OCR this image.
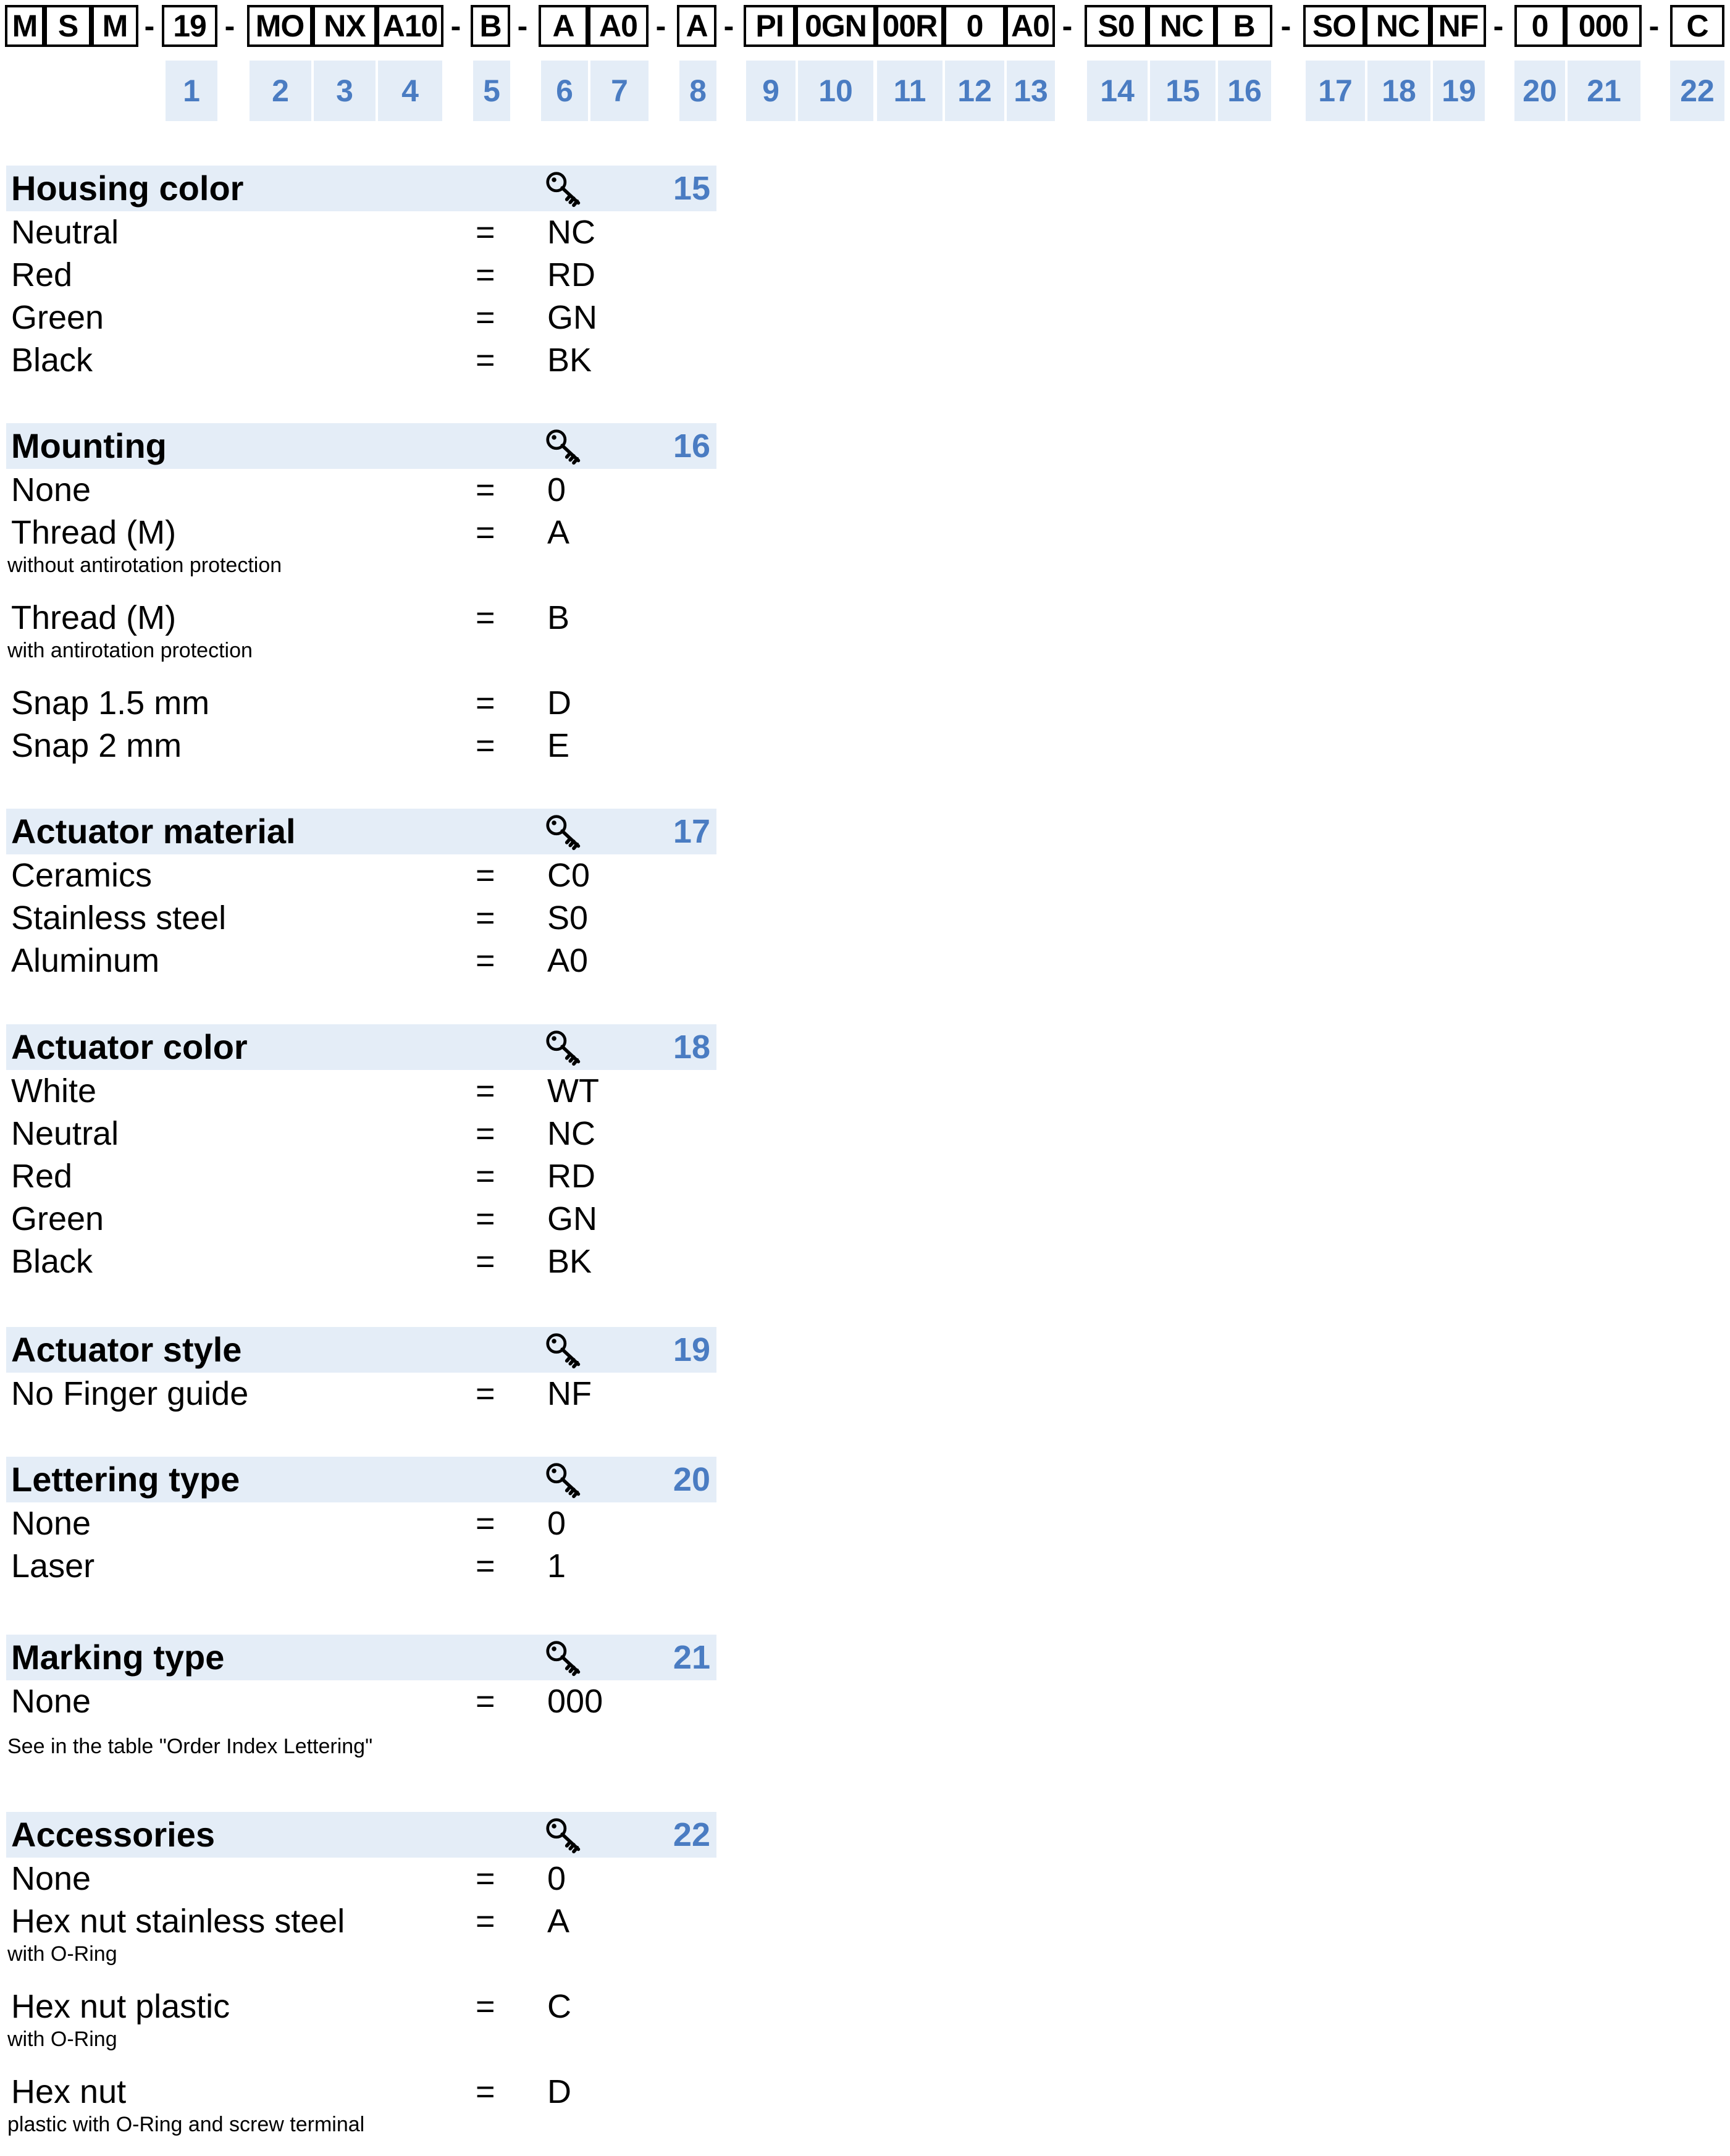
M S M - 19 - MO NX A10 - B - A A0 - A - PI 0GN 00R 0 A0 - S0 NC B - SO NC NF - 0 000 - C
1	2	3	4	5	6	7	8	9	10	11	12 13	14	15 16	17 18 19 20 21	22
Housing color	15
Neutral	= NC
Red	= RD
Green	= GN
Black	= BK
Mounting	16
None	= 0
Thread (M)	= A
without antirotation protection
Thread (M)	= B
with antirotation protection
Snap 1.5 mm	= D
Snap 2 mm	= E
Actuator material	17
Ceramics	= C0
Stainless steel	= S0
Aluminum	= A0
Actuator color	18
White	= WT
Neutral	= NC
Red	= RD
Green	= GN
Black	= BK
Actuator style	19
No Finger guide	= NF
Lettering type	20
None	= 0
Laser	= 1
Marking type	21
None	= 000
See in the table "Order Index Lettering"
Accessories	22
None	= 0
Hex nut stainless steel	= A
with O-Ring
Hex nut plastic	= C
with O-Ring
Hex nut	= D
plastic with O-Ring and screw terminal
